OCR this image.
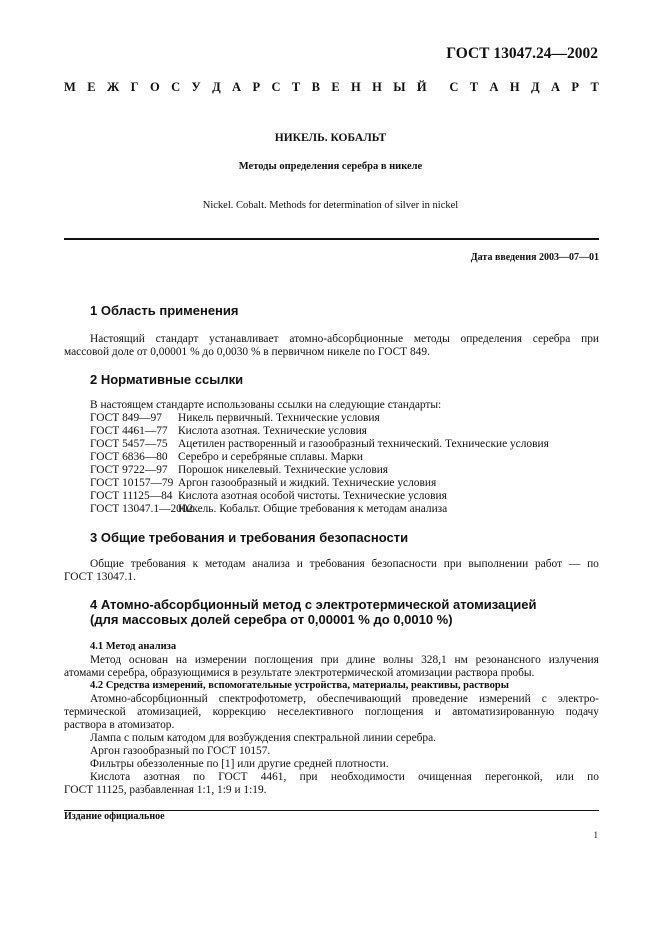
ГОСТ 13047.24—2002
М Е Ж Г О С У Д А Р С Т В Е Н Н Ы Й С Т А Н Д А Р Т
НИКЕЛЬ. КОБАЛЬТ
Методы определения серебра в никеле
Nickel. Cobalt. Methods for determination of silver in nickel
Дата введения 2003—07—01
1 Область применения
Настоящий стандарт устанавливает атомно-абсорбционные методы определения серебра при
массовой доле от 0,00001 % до 0,0030 % в первичном никеле по ГОСТ 849.
2 Нормативные ссылки
В настоящем стандарте использованы ссылки на следующие стандарты:
ГОСТ 849—97 Никель первичный. Технические условия
ГОСТ 4461—77 Кислота азотная. Технические условия
ГОСТ 5457—75 Ацетилен растворенный и газообразный технический. Технические условия
ГОСТ 6836—80 Серебро и серебряные сплавы. Марки
ГОСТ 9722—97 Порошок никелевый. Технические условия
ГОСТ 10157—79 Аргон газообразный и жидкий. Технические условия
ГОСТ 11125—84 Кислота азотная особой чистоты. Технические условия
ГОСТ 13047.1—2002Никель. Кобальт. Общие требования к методам анализа
3 Общие требования и требования безопасности
Общие требования к методам анализа и требования безопасности при выполнении работ — по
ГОСТ 13047.1.
4 Атомно-абсорбционный метод с электротермической атомизацией
(для массовых долей серебра от 0,00001 % до 0,0010 %)
4.1 Метод анализа
Метод основан на измерении поглощения при длине волны 328,1 нм резонансного излучения
атомами серебра, образующимися в результате электротермической атомизации раствора пробы.
4.2 Средства измерений, вспомогательные устройства, материалы, реактивы, растворы
Атомно-абсорбционный спектрофотометр, обеспечивающий проведение измерений с электро-
термической атомизацией, коррекцию неселективного поглощения и автоматизированную подачу
раствора в атомизатор.
Лампа с полым катодом для возбуждения спектральной линии серебра.
Аргон газообразный по ГОСТ 10157.
Фильтры обеззоленные по [1] или другие средней плотности.
Кислота азотная по ГОСТ 4461, при необходимости очищенная перегонкой, или по
ГОСТ 11125, разбавленная 1:1, 1:9 и 1:19.
Издание официальное
1
